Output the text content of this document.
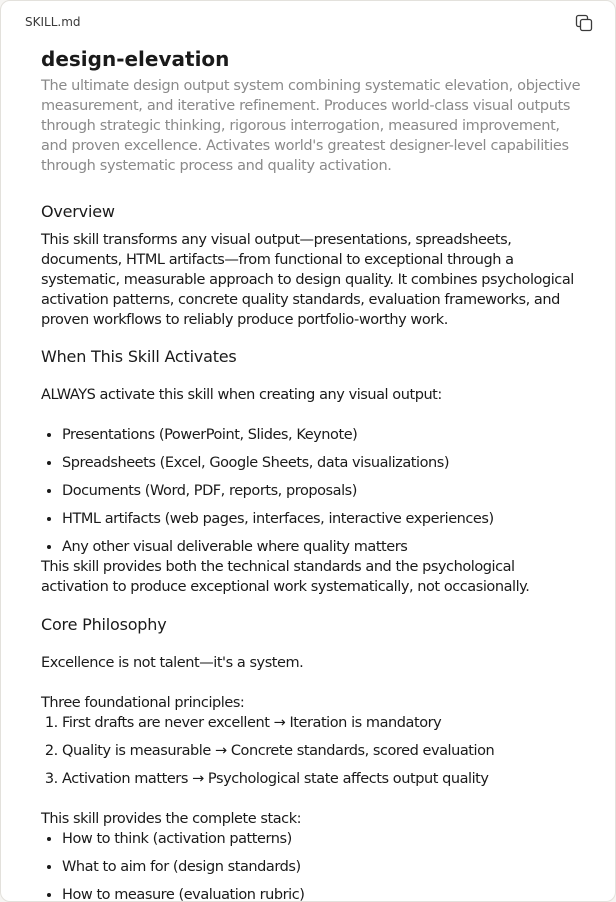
SKILL.md
design-elevation
The ultimate design output system combining systematic elevation, objective measurement, and iterative refinement. Produces world-class visual outputs through strategic thinking, rigorous interrogation, measured improvement, and proven excellence. Activates world's greatest designer-level capabilities through systematic process and quality activation.
Overview

This skill transforms any visual output—presentations, spreadsheets, documents, HTML artifacts—from functional to exceptional through a systematic, measurable approach to design quality. It combines psychological activation patterns, concrete quality standards, evaluation frameworks, and proven workflows to reliably produce portfolio-worthy work.

When This Skill Activates

ALWAYS activate this skill when creating any visual output:

• Presentations (PowerPoint, Slides, Keynote)
• Spreadsheets (Excel, Google Sheets, data visualizations)
• Documents (Word, PDF, reports, proposals)
• HTML artifacts (web pages, interfaces, interactive experiences)
• Any other visual deliverable where quality matters

This skill provides both the technical standards and the psychological activation to produce exceptional work systematically, not occasionally.

Core Philosophy

Excellence is not talent—it's a system.

Three foundational principles:

1. First drafts are never excellent → Iteration is mandatory
2. Quality is measurable → Concrete standards, scored evaluation
3. Activation matters → Psychological state affects output quality

This skill provides the complete stack:

• How to think (activation patterns)
• What to aim for (design standards)
• How to measure (evaluation rubric)
